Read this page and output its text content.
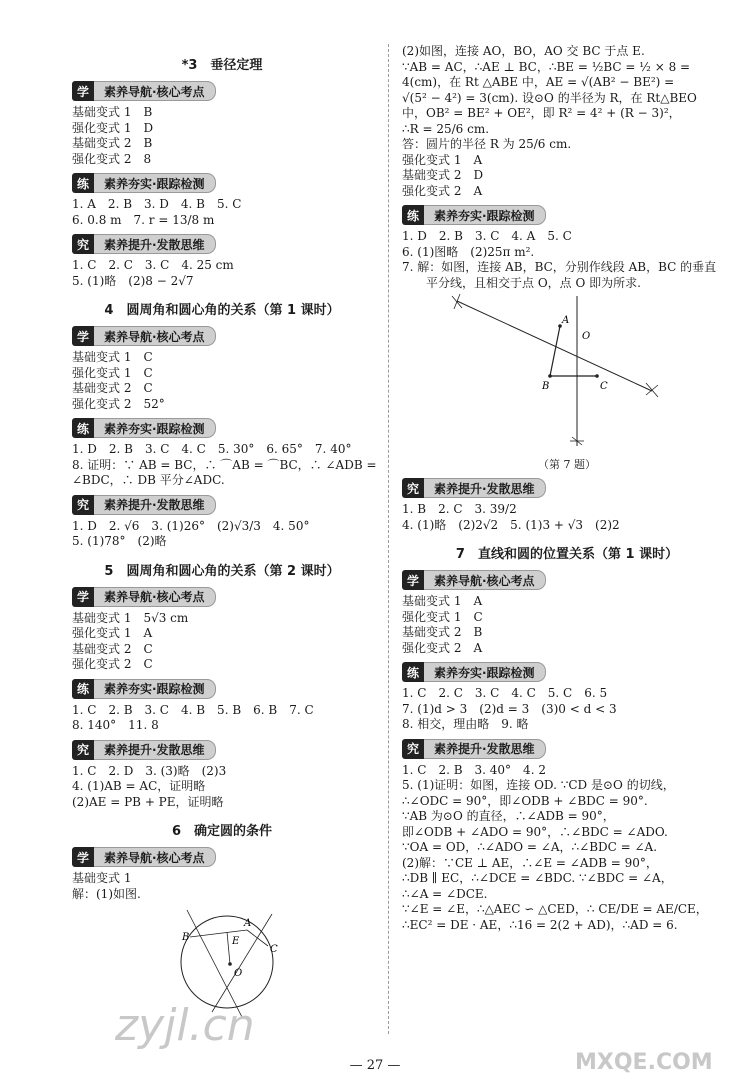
*3　垂径定理
学	素养导航·核心考点
基础变式 1　B
强化变式 1　D
基础变式 2　B
强化变式 2　8
练	素养夯实·跟踪检测
1. A　2. B　3. D　4. B　5. C
6. 0.8 m　7. r = 13/8 m
究	素养提升·发散思维
1. C　2. C　3. C　4. 25 cm
5. (1)略　(2)8 − 2√7
4　圆周角和圆心角的关系（第 1 课时）
学	素养导航·核心考点
基础变式 1　C
强化变式 1　C
基础变式 2　C
强化变式 2　52°
练	素养夯实·跟踪检测
1. D　2. B　3. C　4. C　5. 30°　6. 65°　7. 40°
8. 证明：∵ AB = BC，∴ ⌒AB = ⌒BC，∴ ∠ADB =
∠BDC，∴ DB 平分∠ADC.
究	素养提升·发散思维
1. D　2. √6　3. (1)26°　(2)√3/3　4. 50°
5. (1)78°　(2)略
5　圆周角和圆心角的关系（第 2 课时）
学	素养导航·核心考点
基础变式 1　5√3 cm
强化变式 1　A
基础变式 2　C
强化变式 2　C
练	素养夯实·跟踪检测
1. C　2. B　3. C　4. B　5. B　6. B　7. C
8. 140°　11. 8
究	素养提升·发散思维
1. C　2. D　3. (3)略　(2)3
4. (1)AB = AC，证明略
(2)AE = PB + PE，证明略
6　确定圆的条件
学	素养导航·核心考点
基础变式 1
解：(1)如图.
B
A
C
E
O
(2)如图，连接 AO，BO，AO 交 BC 于点 E.
∵AB = AC，∴AE ⊥ BC，∴BE = ½BC = ½ × 8 =
4(cm)，在 Rt △ABE 中，AE = √(AB² − BE²) =
√(5² − 4²) = 3(cm). 设⊙O 的半径为 R，在 Rt△BEO
中，OB² = BE² + OE²，即 R² = 4² + (R − 3)²，
∴R = 25/6 cm.
答：圆片的半径 R 为 25/6 cm.
强化变式 1　A
基础变式 2　D
强化变式 2　A
练	素养夯实·跟踪检测
1. D　2. B　3. C　4. A　5. C
6. (1)图略　(2)25π m².
7. 解：如图，连接 AB，BC，分别作线段 AB，BC 的垂直
　　平分线，且相交于点 O，点 O 即为所求.
A
B	C
O
（第 7 题）
究	素养提升·发散思维
1. B　2. C　3. 39/2
4. (1)略　(2)2√2　5. (1)3 + √3　(2)2
7　直线和圆的位置关系（第 1 课时）
学	素养导航·核心考点
基础变式 1　A
强化变式 1　C
基础变式 2　B
强化变式 2　A
练	素养夯实·跟踪检测
1. C　2. C　3. C　4. C　5. C　6. 5
7. (1)d > 3　(2)d = 3　(3)0 < d < 3
8. 相交，理由略　9. 略
究	素养提升·发散思维
1. C　2. B　3. 40°　4. 2
5. (1)证明：如图，连接 OD. ∵CD 是⊙O 的切线，
∴∠ODC = 90°，即∠ODB + ∠BDC = 90°.
∵AB 为⊙O 的直径，∴∠ADB = 90°，
即∠ODB + ∠ADO = 90°，∴∠BDC = ∠ADO.
∵OA = OD，∴∠ADO = ∠A，∴∠BDC = ∠A.
(2)解：∵CE ⊥ AE，∴∠E = ∠ADB = 90°，
∴DB ∥ EC，∴∠DCE = ∠BDC. ∵∠BDC = ∠A，
∴∠A = ∠DCE.
∵∠E = ∠E，∴△AEC ∽ △CED，∴ CE/DE = AE/CE，
∴EC² = DE · AE，∴16 = 2(2 + AD)，∴AD = 6.
— 27 —
zyjl.cn
MXQE.COM
